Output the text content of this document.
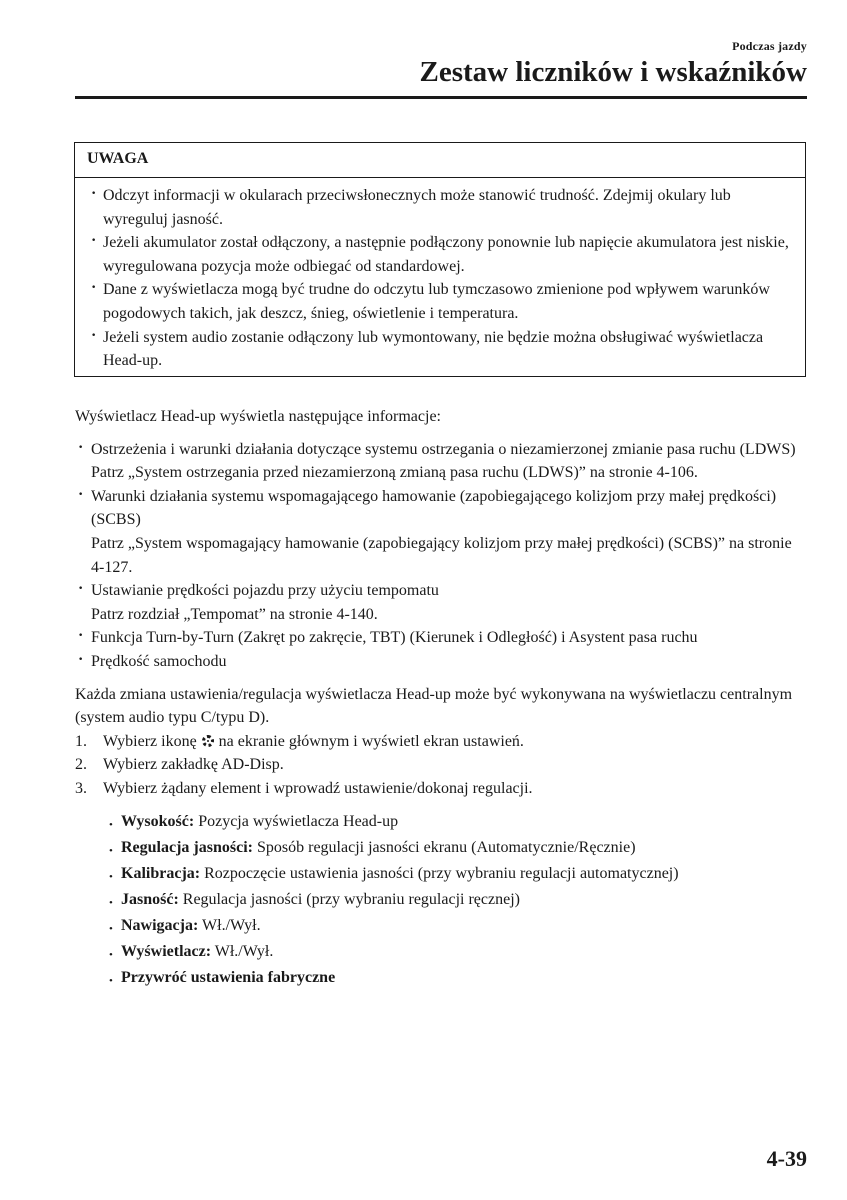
Podczas jazdy
Zestaw liczników i wskaźników
UWAGA
· Odczyt informacji w okularach przeciwsłonecznych może stanowić trudność. Zdejmij okulary lub wyreguluj jasność.
· Jeżeli akumulator został odłączony, a następnie podłączony ponownie lub napięcie akumulatora jest niskie, wyregulowana pozycja może odbiegać od standardowej.
· Dane z wyświetlacza mogą być trudne do odczytu lub tymczasowo zmienione pod wpływem warunków pogodowych takich, jak deszcz, śnieg, oświetlenie i temperatura.
· Jeżeli system audio zostanie odłączony lub wymontowany, nie będzie można obsługiwać wyświetlacza Head-up.

Wyświetlacz Head-up wyświetla następujące informacje:

· Ostrzeżenia i warunki działania dotyczące systemu ostrzegania o niezamierzonej zmianie pasa ruchu (LDWS)
Patrz „System ostrzegania przed niezamierzoną zmianą pasa ruchu (LDWS)” na stronie 4-106.
· Warunki działania systemu wspomagającego hamowanie (zapobiegającego kolizjom przy małej prędkości) (SCBS)
Patrz „System wspomagający hamowanie (zapobiegający kolizjom przy małej prędkości) (SCBS)” na stronie 4-127.
· Ustawianie prędkości pojazdu przy użyciu tempomatu
Patrz rozdział „Tempomat” na stronie 4-140.
· Funkcja Turn-by-Turn (Zakręt po zakręcie, TBT) (Kierunek i Odległość) i Asystent pasa ruchu
· Prędkość samochodu

Każda zmiana ustawienia/regulacja wyświetlacza Head-up może być wykonywana na wyświetlaczu centralnym (system audio typu C/typu D).

1. Wybierz ikonę  na ekranie głównym i wyświetl ekran ustawień.
2. Wybierz zakładkę AD-Disp.
3. Wybierz żądany element i wprowadź ustawienie/dokonaj regulacji.
• Wysokość: Pozycja wyświetlacza Head-up
• Regulacja jasności: Sposób regulacji jasności ekranu (Automatycznie/Ręcznie)
• Kalibracja: Rozpoczęcie ustawienia jasności (przy wybraniu regulacji automatycznej)
• Jasność: Regulacja jasności (przy wybraniu regulacji ręcznej)
• Nawigacja: Wł./Wył.
• Wyświetlacz: Wł./Wył.
• Przywróć ustawienia fabryczne
4-39
